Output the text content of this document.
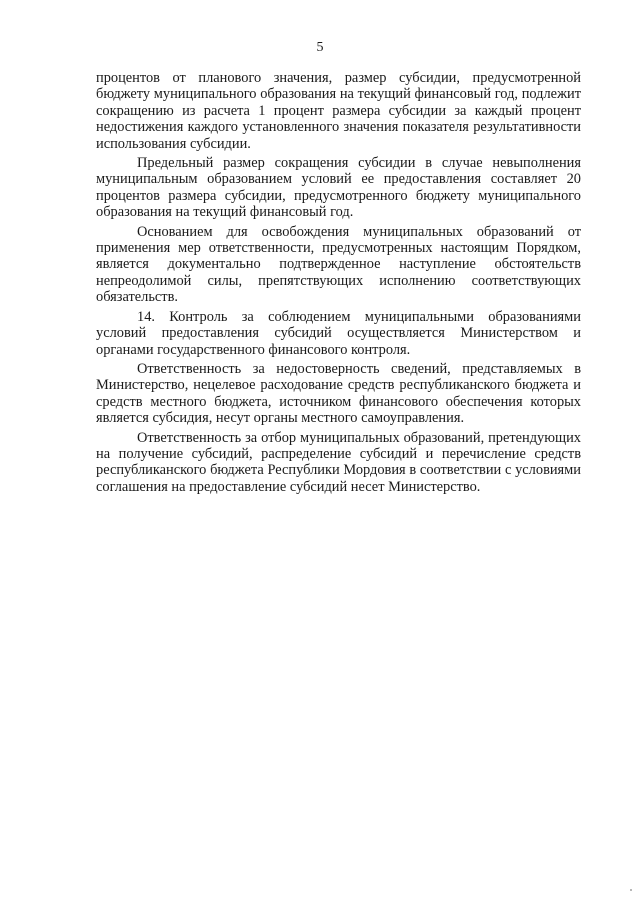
5

процентов от планового значения, размер субсидии, предусмотренной бюджету муниципального образования на текущий финансовый год, подлежит сокращению из расчета 1 процент размера субсидии за каждый процент недостижения каждого установленного значения показателя результативности использования субсидии.

Предельный размер сокращения субсидии в случае невыполнения муниципальным образованием условий ее предоставления составляет 20 процентов размера субсидии, предусмотренного бюджету муниципального образования на текущий финансовый год.

Основанием для освобождения муниципальных образований от применения мер ответственности, предусмотренных настоящим Порядком, является документально подтвержденное наступление обстоятельств непреодолимой силы, препятствующих исполнению соответствующих обязательств.

14. Контроль за соблюдением муниципальными образованиями условий предоставления субсидий осуществляется Министерством и органами государственного финансового контроля.

Ответственность за недостоверность сведений, представляемых в Министерство, нецелевое расходование средств республиканского бюджета и средств местного бюджета, источником финансового обеспечения которых является субсидия, несут органы местного самоуправления.

Ответственность за отбор муниципальных образований, претендующих на получение субсидий, распределение субсидий и перечисление средств республиканского бюджета Республики Мордовия в соответствии с условиями соглашения на предоставление субсидий несет Министерство.
